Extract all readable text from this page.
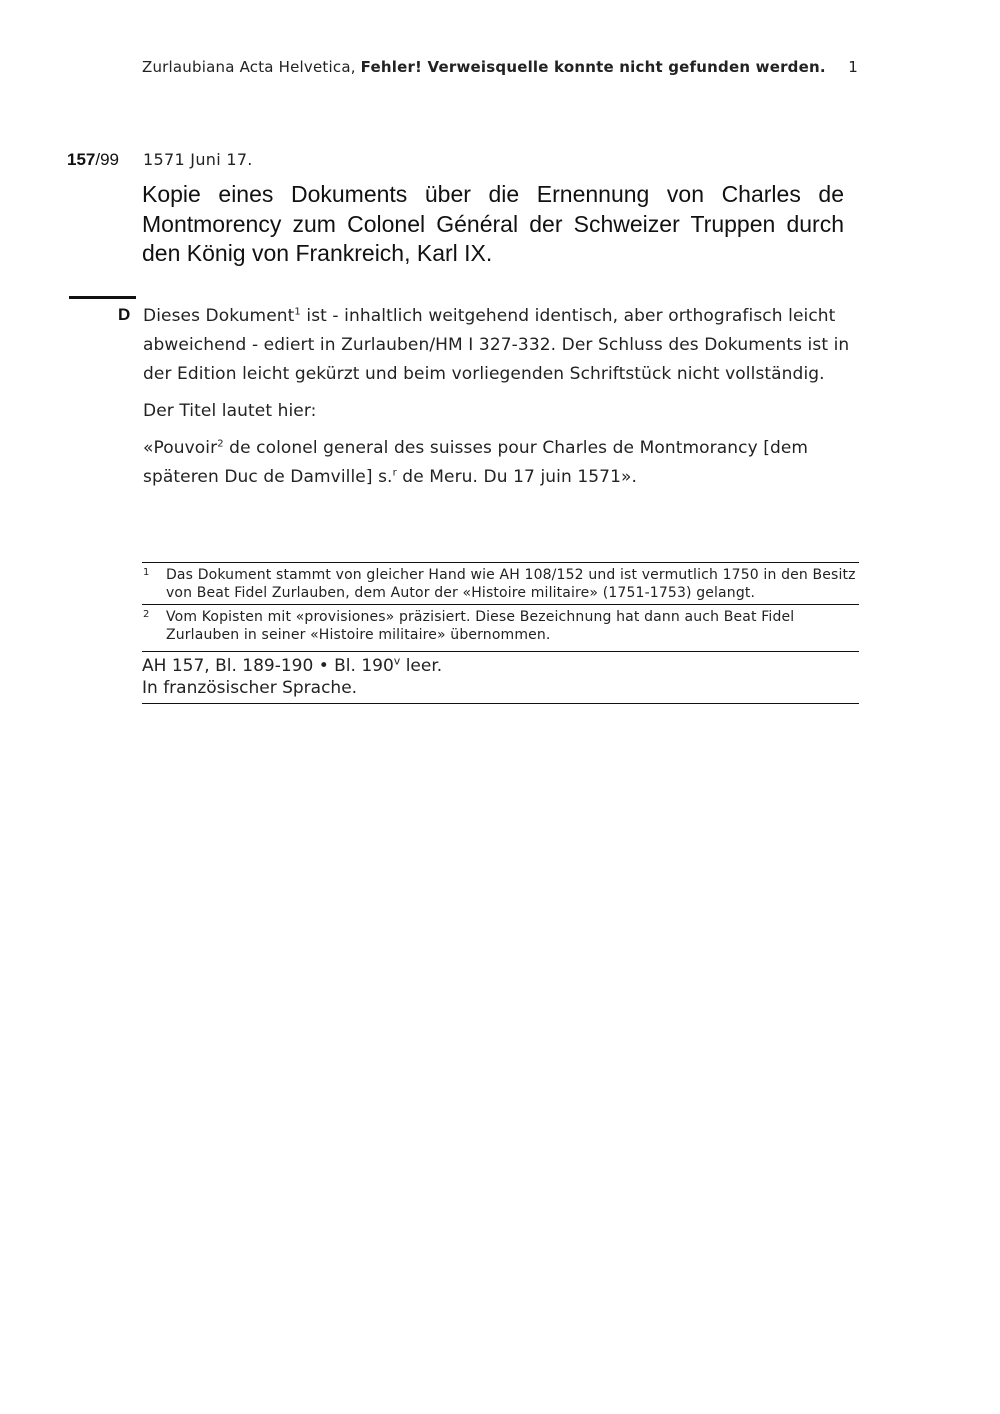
Zurlaubiana Acta Helvetica, Fehler! Verweisquelle konnte nicht gefunden werden. 1
157/99 1571 Juni 17.
Kopie eines Dokuments über die Ernennung von Charles de Montmorency zum Colonel Général der Schweizer Truppen durch den König von Frankreich, Karl IX.
D Dieses Dokument$^1$ ist - inhaltlich weitgehend identisch, aber orthografisch leicht abweichend - ediert in Zurlauben/HM I 327-332. Der Schluss des Dokuments ist in der Edition leicht gekürzt und beim vorliegenden Schriftstück nicht vollständig.

Der Titel lautet hier:

«Pouvoir$^2$ de colonel general des suisses pour Charles de Montmorancy [dem späteren Duc de Damville] s.$^r$ de Meru. Du 17 juin 1571».

1 Das Dokument stammt von gleicher Hand wie AH 108/152 und ist vermutlich 1750 in den Besitz von Beat Fidel Zurlauben, dem Autor der «Histoire militaire» (1751-1753) gelangt.
2 Vom Kopisten mit «provisiones» präzisiert. Diese Bezeichnung hat dann auch Beat Fidel Zurlauben in seiner «Histoire militaire» übernommen.
AH 157, Bl. 189-190 • Bl. 190$^v$ leer.
In französischer Sprache.
